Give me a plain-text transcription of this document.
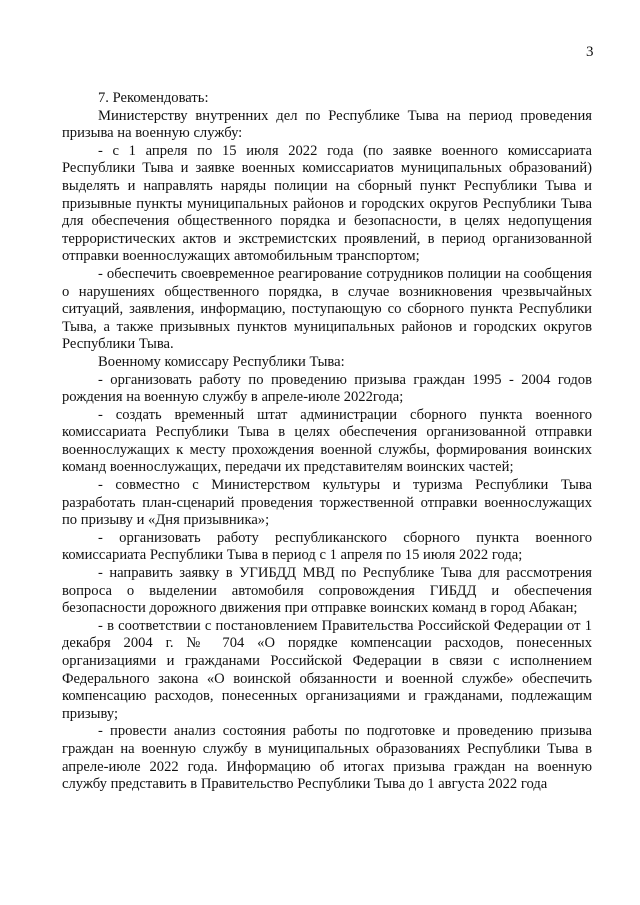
3

7. Рекомендовать:

Министерству внутренних дел по Республике Тыва на период проведения призыва на военную службу:

- с 1 апреля по 15 июля 2022 года (по заявке военного комиссариата Республики Тыва и заявке военных комиссариатов муниципальных образований) выделять и направлять наряды полиции на сборный пункт Республики Тыва и призывные пункты муниципальных районов и городских округов Республики Тыва для обеспечения общественного порядка и безопасности, в целях недопущения террористических актов и экстремистских проявлений, в период организованной отправки военнослужащих автомобильным транспортом;

- обеспечить своевременное реагирование сотрудников полиции на сообщения о нарушениях общественного порядка, в случае возникновения чрезвычайных ситуаций, заявления, информацию, поступающую со сборного пункта Республики Тыва, а также призывных пунктов муниципальных районов и городских округов Республики Тыва.

Военному комиссару Республики Тыва:

- организовать работу по проведению призыва граждан 1995 - 2004 годов рождения на военную службу в апреле-июле 2022года;

- создать временный штат администрации сборного пункта военного комиссариата Республики Тыва в целях обеспечения организованной отправки военнослужащих к месту прохождения военной службы, формирования воинских команд военнослужащих, передачи их представителям воинских частей;

- совместно с Министерством культуры и туризма Республики Тыва разработать план-сценарий проведения торжественной отправки военнослужащих по призыву и «Дня призывника»;

- организовать работу республиканского сборного пункта военного комиссариата Республики Тыва в период с 1 апреля по 15 июля 2022 года;

- направить заявку в УГИБДД МВД по Республике Тыва для рассмотрения вопроса о выделении автомобиля сопровождения ГИБДД и обеспечения безопасности дорожного движения при отправке воинских команд в город Абакан;

- в соответствии с постановлением Правительства Российской Федерации от 1 декабря 2004 г. № 704 «О порядке компенсации расходов, понесенных организациями и гражданами Российской Федерации в связи с исполнением Федерального закона «О воинской обязанности и военной службе» обеспечить компенсацию расходов, понесенных организациями и гражданами, подлежащим призыву;

- провести анализ состояния работы по подготовке и проведению призыва граждан на военную службу в муниципальных образованиях Республики Тыва в апреле-июле 2022 года. Информацию об итогах призыва граждан на военную службу представить в Правительство Республики Тыва до 1 августа 2022 года
